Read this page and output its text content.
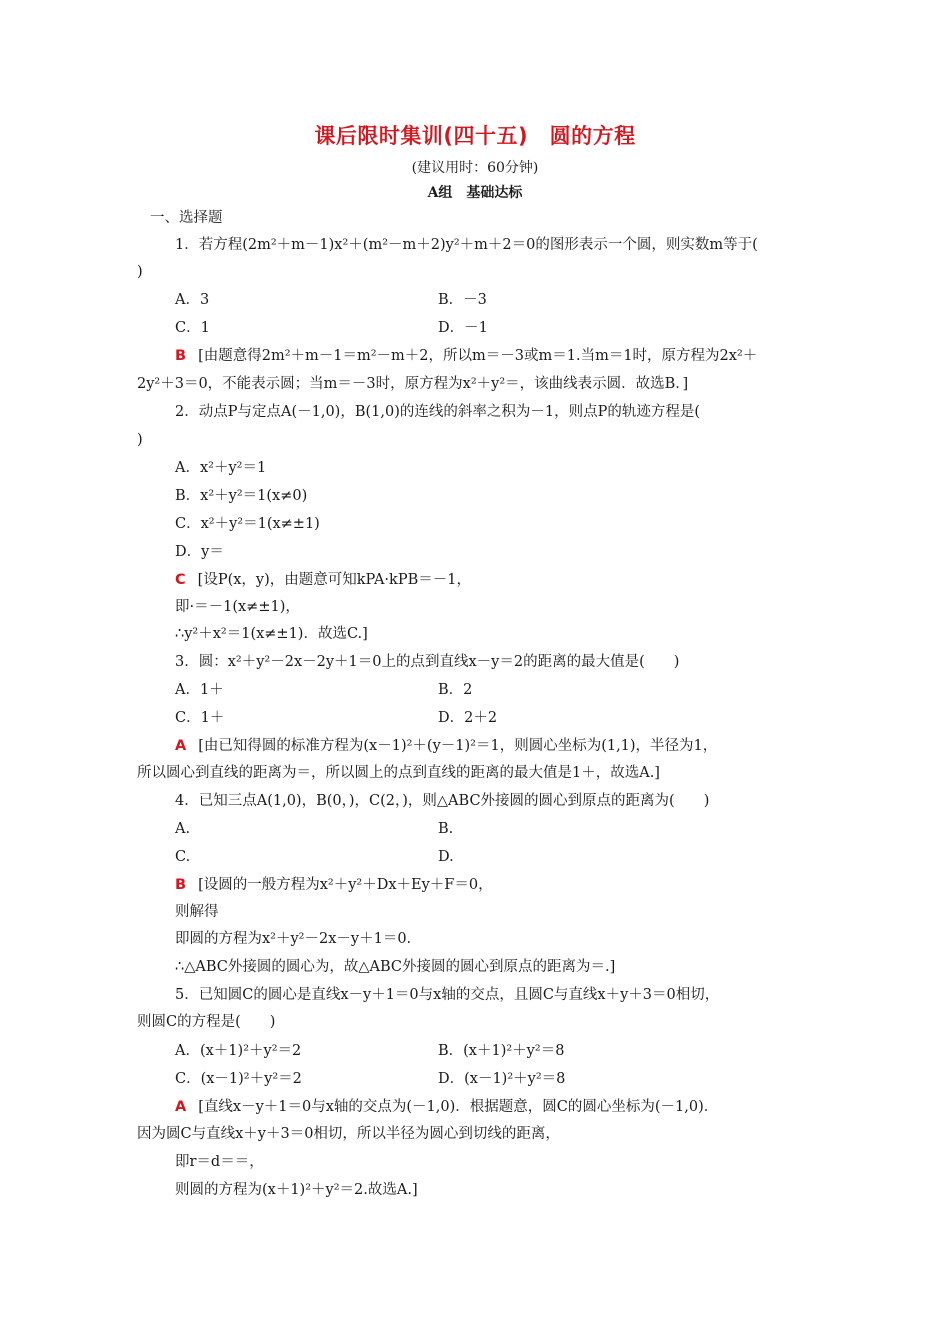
课后限时集训(四十五)　圆的方程
(建议用时：60分钟)
A组　基础达标
一、选择题
1．若方程(2m²＋m－1)x²＋(m²－m＋2)y²＋m＋2＝0的图形表示一个圆，则实数m等于(
)
A．3	B．－3
C．1	D．－1
B [由题意得2m²＋m－1＝m²－m＋2，所以m＝－3或m＝1.当m＝1时，原方程为2x²＋
2y²＋3＝0，不能表示圆；当m＝－3时，原方程为x²＋y²＝，该曲线表示圆．故选B．]
2．动点P与定点A(－1,0)，B(1,0)的连线的斜率之积为－1，则点P的轨迹方程是(
)
A．x²＋y²＝1
B．x²＋y²＝1(x≠0)
C．x²＋y²＝1(x≠±1)
D．y＝
C [设P(x，y)，由题意可知kPA·kPB＝－1，
即·＝－1(x≠±1)，
∴y²＋x²＝1(x≠±1)．故选C.]
3．圆：x²＋y²－2x－2y＋1＝0上的点到直线x－y＝2的距离的最大值是(　　)
A．1＋	B．2
C．1＋	D．2＋2
A [由已知得圆的标准方程为(x－1)²＋(y－1)²＝1，则圆心坐标为(1,1)，半径为1，
所以圆心到直线的距离为＝，所以圆上的点到直线的距离的最大值是1＋，故选A.]
4．已知三点A(1,0)，B(0，)，C(2，)，则△ABC外接圆的圆心到原点的距离为(　　)
A.	B.
C.	D.
B [设圆的一般方程为x²＋y²＋Dx＋Ey＋F＝0，
则解得
即圆的方程为x²＋y²－2x－y＋1＝0.
∴△ABC外接圆的圆心为，故△ABC外接圆的圆心到原点的距离为＝.]
5．已知圆C的圆心是直线x－y＋1＝0与x轴的交点，且圆C与直线x＋y＋3＝0相切，
则圆C的方程是(　　)
A．(x＋1)²＋y²＝2	B．(x＋1)²＋y²＝8
C．(x－1)²＋y²＝2	D．(x－1)²＋y²＝8
A [直线x－y＋1＝0与x轴的交点为(－1,0)．根据题意，圆C的圆心坐标为(－1,0)．
因为圆C与直线x＋y＋3＝0相切，所以半径为圆心到切线的距离，
即r＝d＝＝，
则圆的方程为(x＋1)²＋y²＝2.故选A.]
